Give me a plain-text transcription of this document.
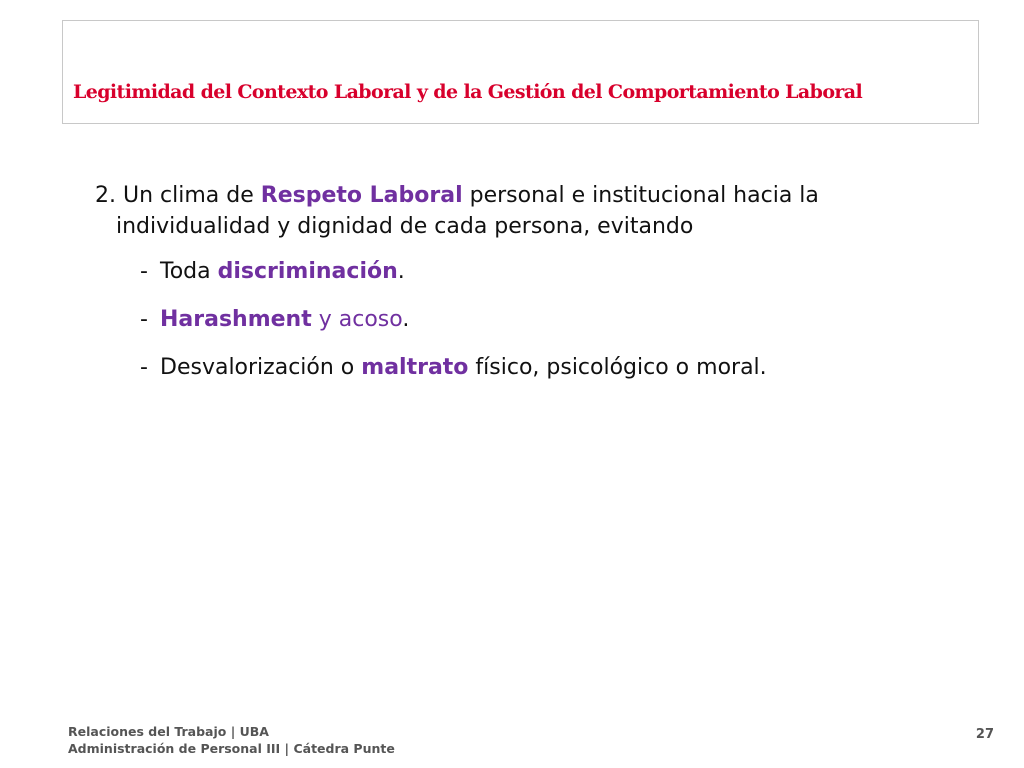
Legitimidad del Contexto Laboral y de la Gestión del Comportamiento Laboral

2. Un clima de Respeto Laboral personal e institucional hacia la individualidad y dignidad de cada persona, evitando

- Toda discriminación.
- Harashment y acoso.
- Desvalorización o maltrato físico, psicológico o moral.
Relaciones del Trabajo | UBA
Administración de Personal III | Cátedra Punte
27
